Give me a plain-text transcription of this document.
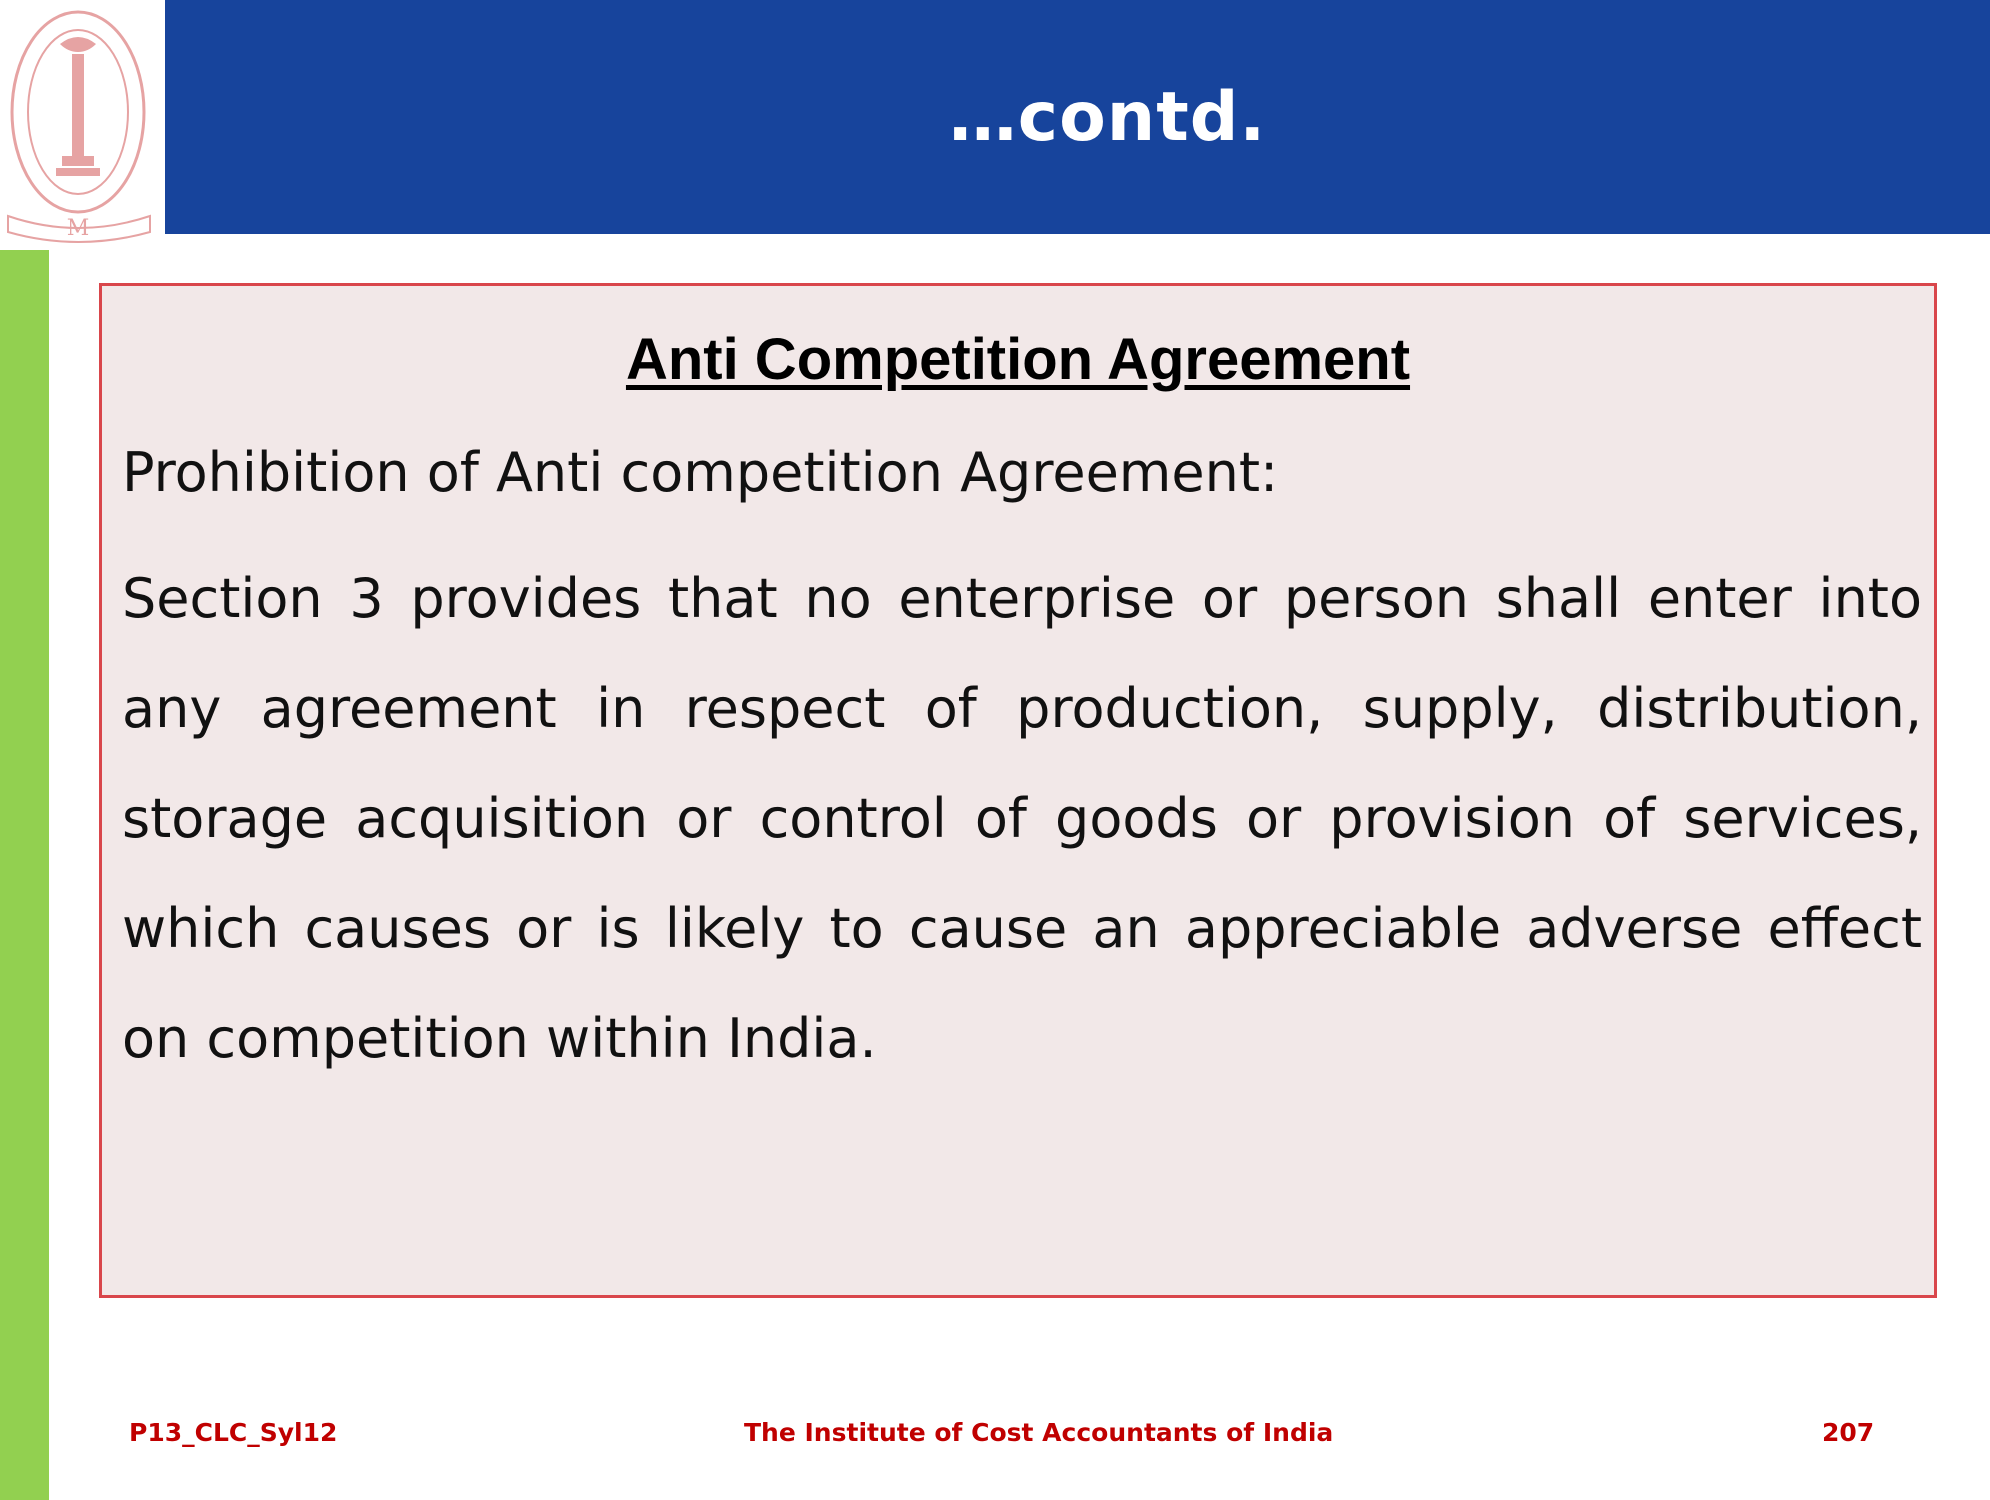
M
…contd.
Anti Competition Agreement
Prohibition of Anti competition Agreement:
Section 3 provides that no enterprise or person shall enter into any agreement in respect of production, supply, distribution, storage acquisition or control of goods or provision of services, which causes or is likely to cause an appreciable adverse effect on competition within India.
P13_CLC_Syl12	The Institute of Cost Accountants of India	207
